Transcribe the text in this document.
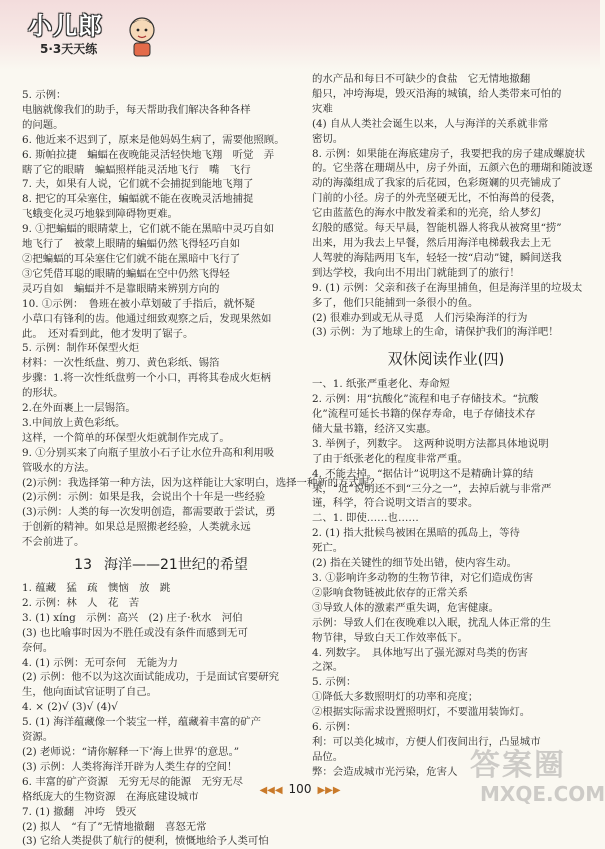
小儿郎
5·3天天练
5. 示例：
电脑就像我们的助手，每天帮助我们解决各种各样
的问题。
6. 他近来不迟到了，原来是他妈妈生病了，需要他照顾。
6. 斯帕拉捷　蝙蝠在夜晚能灵活轻快地飞翔　听觉　弄
瞎了它的眼睛　蝙蝠照样能灵活地飞行　嘴　飞行
7. 夫，如果有人说，它们就不会捕捉到能地飞翔了
8. 把它的耳朵塞住，蝙蝠就不能在夜晚灵活地捕捉
飞蛾变化灵巧地躲到障碍物更难。
9. ①把蝙蝠的眼睛蒙上，它们就不能在黑暗中灵巧自如
地飞行了　被蒙上眼睛的蝙蝠仍然飞得轻巧自如
②把蝙蝠的耳朵塞住它们就不能在黑暗中飞行了
③它凭借耳聪的眼睛的蝙蝠在空中仍然飞得轻
灵巧自如　蝙蝠并不是靠眼睛来辨别方向的
10. ①示例：　鲁班在被小草划破了手指后，就怀疑
小草口有锋利的齿。他通过细致观察之后，发现果然如
此。　还对看到此，他才发明了锯子。
5. 示例：制作环保型火炬
材料：一次性纸盘、剪刀、黄色彩纸、锡箔
步骤：1.将一次性纸盘剪一个小口，再将其卷成火炬柄
的形状。
2.在外面裹上一层锡箔。
3.中间放上黄色彩纸。
这样，一个简单的环保型火炬就制作完成了。
9. ①分别买来了向瓶子里放小石子让水位升高和利用吸
管吸水的方法。
(2)示例：我选择第一种方法，因为这样能让大家明白，选择一种新的方式呢？
(2)示例：示例：如果是我，会说出个十年是一些经验
(3)示例：人类的每一次发明创造，都需要敢于尝试，勇
于创新的精神。如果总是照搬老经验，人类就永远
不会前进了。
13 海洋——21世纪的希望
1. 蕴藏　猛　疏　懊恼　放　跳
2. 示例：林　人　花　苦
3. (1) xíng　示例：高兴　(2) 庄子·秋水　河伯
(3) 也比喻事时因为不胜任或没有条件而感到无可
奈何。
4. (1) 示例：无可奈何　无能为力
(2) 示例：他不以为这次面试能成功，于是面试官要研究
生，他向面试官证明了自己。
4. × (2)√ (3)√ (4)√
5. (1) 海洋蕴藏像一个装宝一样，蕴藏着丰富的矿产
资源。
(2) 老师说：“请你解释一下‘海上世界’的意思。”
(3) 示例：人类将海洋开辟为人类生存的空间！
6. 丰富的矿产资源　无穷无尽的能源　无穷无尽
格纸庞大的生物资源　在海底建设城市
7. (1) 撤翻　冲垮　毁灭
(2) 拟人　“有了”无情地撤翻　喜怒无常
(3) 它给人类提供了航行的便利，愤慨地给予人类可怕
的水产品和每日不可缺少的食盐　它无情地撤翻
船只，冲垮海堤，毁灭沿海的城镇，给人类带来可怕的
灾难
(4) 自从人类社会诞生以来，人与海洋的关系就非常
密切。
8. 示例：如果能在海底建房子，我要把我的房子建成螺旋状
的。它坐落在珊瑚丛中，房子外面，五颜六色的珊瑚和随波逐
动的海藻组成了我家的后花园，色彩斑斓的贝壳铺成了
门前的小径。房子的外壳坚硬无比，不怕海兽的侵袭，
它由蓝蓝色的海水中散发着柔和的光亮，给人梦幻
幻般的感觉。每天早晨，智能机器人将我从被窝里“捞”
出来，用为我去上早餐，然后用海洋电梯载我去上无
人驾驶的海陆两用飞车，轻轻一按“启动”键，瞬间送我
到达学校，我向出不用出门就能到了的旅行！
9. (1) 示例：父亲和孩子在海里捕鱼，但是海洋里的垃圾太
多了，他们只能捕到一条很小的鱼。
(2) 很难办到或无从寻觅　人们污染海洋的行为
(3) 示例：为了地球上的生命，请保护我们的海洋吧！
双休阅读作业(四)
一、1. 纸张严重老化、寿命短
2. 示例：用“抗酸化”流程和电子存储技术。“抗酸
化”流程可延长书籍的保存寿命，电子存储技术存
储大量书籍，经济又实惠。
3. 举例子，列数字。　这两种说明方法都具体地说明
了由于纸张老化的程度非常严重。
4. 不能去掉。“据估计”说明这不是精确计算的结
果，“近”说明还不到“三分之一”，去掉后就与非常严
谨，科学，符合说明文语言的要求。
二、1. 即使……也……
2. (1) 指大批候鸟被困在黑暗的孤岛上，等待
死亡。
(2) 指在关键性的细节处出错，使内容生动。
3. ①影响许多动物的生物节律，对它们造成伤害
②影响食物链被此依存的正常关系
③导致人体的激素严重失调，危害健康。
示例：导致人们在夜晚难以入眠，扰乱人体正常的生
物节律，导致白天工作效率低下。
4. 列数字。　具体地写出了强光源对鸟类的伤害
之深。
5. 示例：
①降低大多数照明灯的功率和亮度；
②根据实际需求设置照明灯，不要滥用装饰灯。
6. 示例：
利：可以美化城市，方便人们夜间出行，凸显城市
品位。
弊：会造成城市光污染，危害人 答案圈
MXQE.COM
◀◀◀ 100 ▶▶▶
